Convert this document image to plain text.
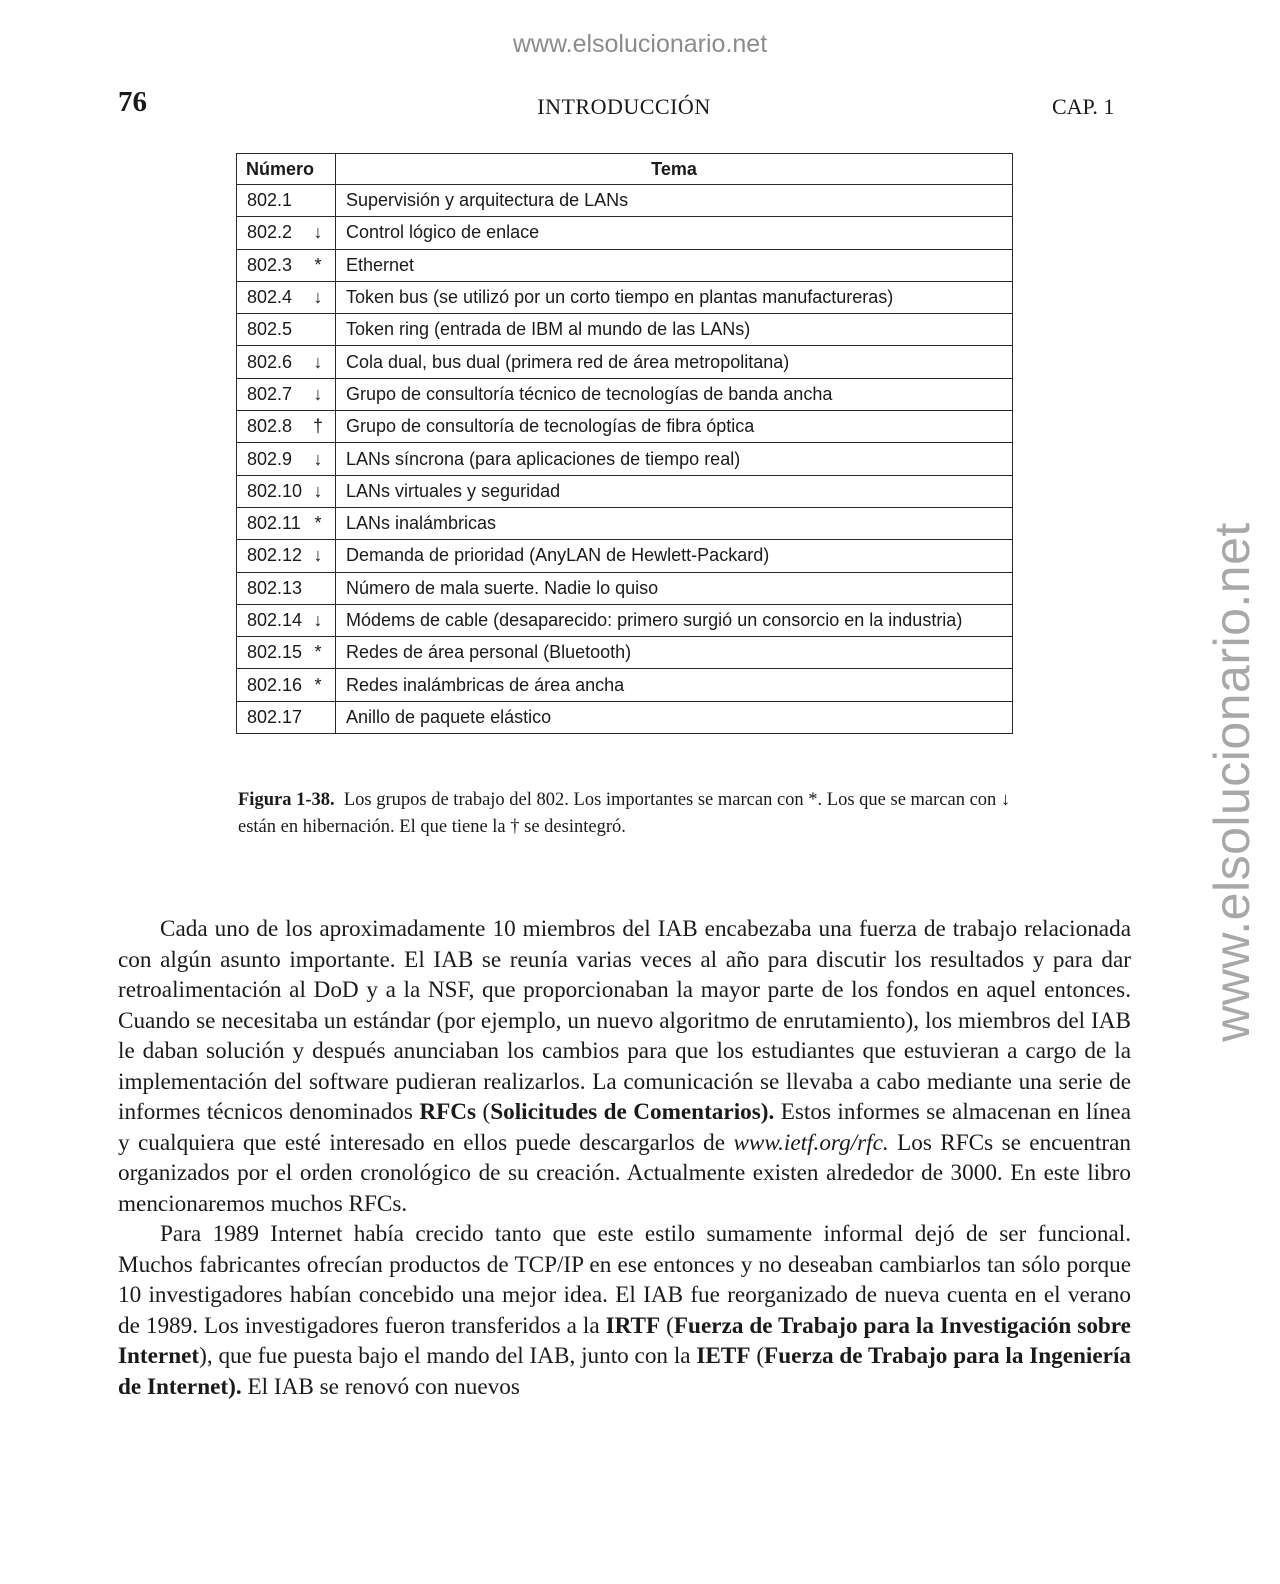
www.elsolucionario.net
www.elsolucionario.net
76	INTRODUCCIÓN	CAP. 1
Número	Tema
802.1	Supervisión y arquitectura de LANs
802.2 ↓	Control lógico de enlace
802.3 *	Ethernet
802.4 ↓	Token bus (se utilizó por un corto tiempo en plantas manufactureras)
802.5	Token ring (entrada de IBM al mundo de las LANs)
802.6 ↓	Cola dual, bus dual (primera red de área metropolitana)
802.7 ↓	Grupo de consultoría técnico de tecnologías de banda ancha
802.8 †	Grupo de consultoría de tecnologías de fibra óptica
802.9 ↓	LANs síncrona (para aplicaciones de tiempo real)
802.10 ↓	LANs virtuales y seguridad
802.11 *	LANs inalámbricas
802.12 ↓	Demanda de prioridad (AnyLAN de Hewlett-Packard)
802.13	Número de mala suerte. Nadie lo quiso
802.14 ↓	Módems de cable (desaparecido: primero surgió un consorcio en la industria)
802.15 *	Redes de área personal (Bluetooth)
802.16 *	Redes inalámbricas de área ancha
802.17	Anillo de paquete elástico
Figura 1-38. Los grupos de trabajo del 802. Los importantes se marcan con *. Los que se marcan con ↓ están en hibernación. El que tiene la † se desintegró.

Cada uno de los aproximadamente 10 miembros del IAB encabezaba una fuerza de trabajo relacionada con algún asunto importante. El IAB se reunía varias veces al año para discutir los resultados y para dar retroalimentación al DoD y a la NSF, que proporcionaban la mayor parte de los fondos en aquel entonces. Cuando se necesitaba un estándar (por ejemplo, un nuevo algoritmo de enrutamiento), los miembros del IAB le daban solución y después anunciaban los cambios para que los estudiantes que estuvieran a cargo de la implementación del software pudieran realizarlos. La comunicación se llevaba a cabo mediante una serie de informes técnicos denominados RFCs (Solicitudes de Comentarios). Estos informes se almacenan en línea y cualquiera que esté interesado en ellos puede descargarlos de www.ietf.org/rfc. Los RFCs se encuentran organizados por el orden cronológico de su creación. Actualmente existen alrededor de 3000. En este libro mencionaremos muchos RFCs.

Para 1989 Internet había crecido tanto que este estilo sumamente informal dejó de ser funcional. Muchos fabricantes ofrecían productos de TCP/IP en ese entonces y no deseaban cambiarlos tan sólo porque 10 investigadores habían concebido una mejor idea. El IAB fue reorganizado de nueva cuenta en el verano de 1989. Los investigadores fueron transferidos a la IRTF (Fuerza de Trabajo para la Investigación sobre Internet), que fue puesta bajo el mando del IAB, junto con la IETF (Fuerza de Trabajo para la Ingeniería de Internet). El IAB se renovó con nuevos
